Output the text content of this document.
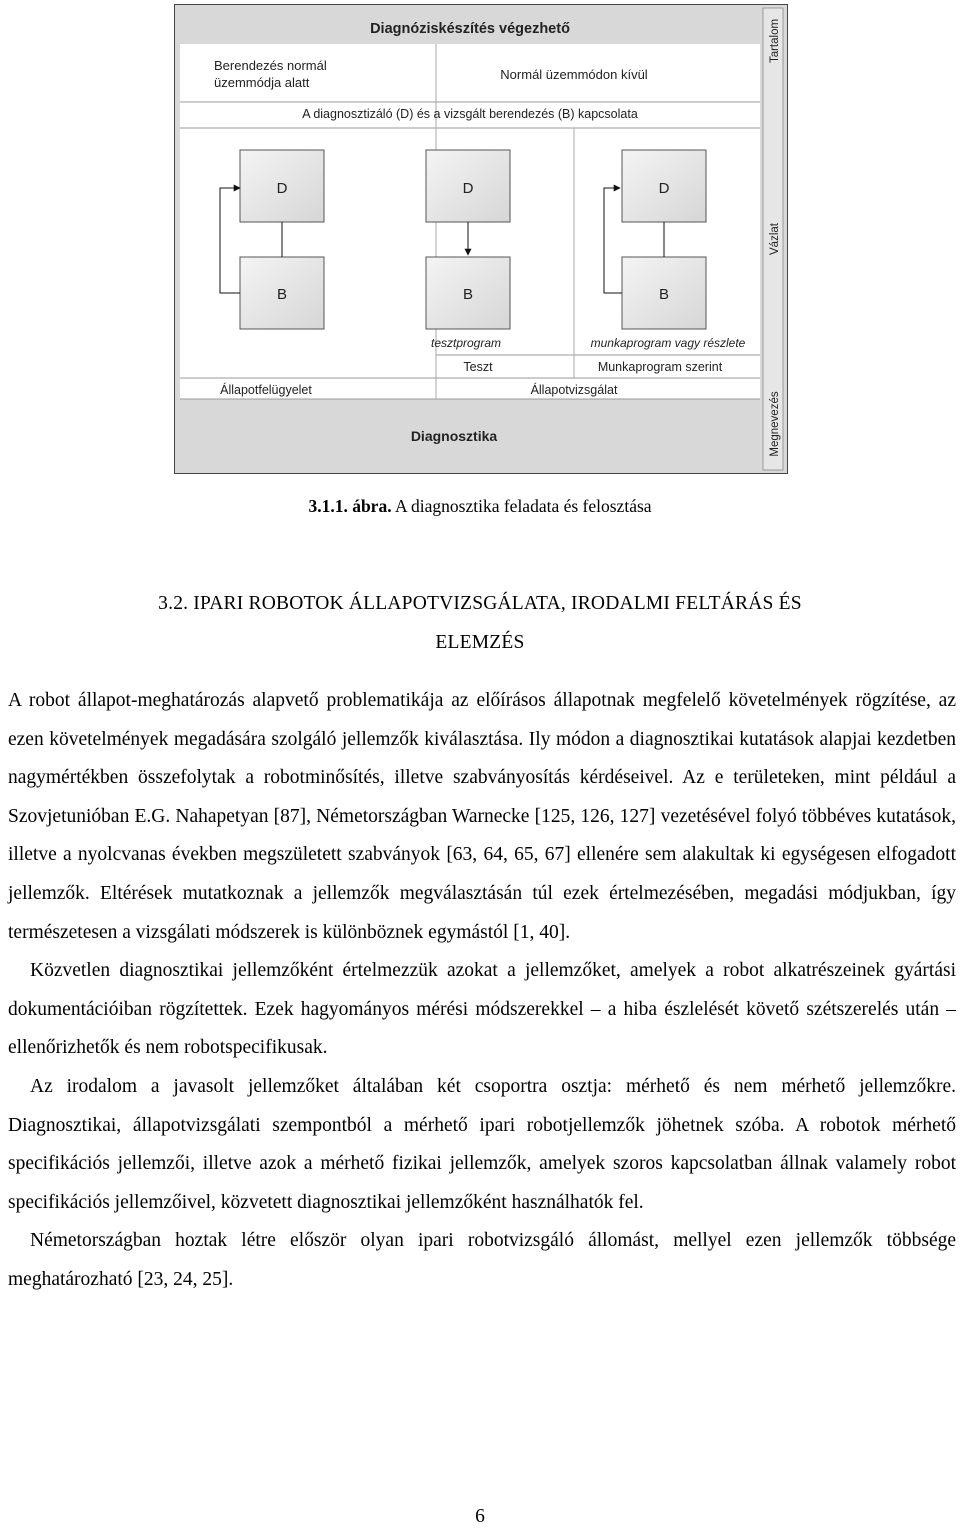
Diagnóziskészítés végezhető
Berendezés normál
üzemmódja alatt
Normál üzemmódon kívül
A diagnosztizáló (D) és a vizsgált berendezés (B) kapcsolata
D
B
D
B
D
B
tesztprogram	munkaprogram vagy részlete
Teszt	Munkaprogram szerint
Állapotfelügyelet	Állapotvizsgálat
Diagnosztika
Tartalom
Vázlat
Megnevezés
3.1.1. ábra. A diagnosztika feladata és felosztása
3.2. IPARI ROBOTOK ÁLLAPOTVIZSGÁLATA, IRODALMI FELTÁRÁS ÉS
ELEMZÉS

A robot állapot-meghatározás alapvető problematikája az előírásos állapotnak megfelelő követelmények rögzítése, az ezen követelmények megadására szolgáló jellemzők kiválasztása. Ily módon a diagnosztikai kutatások alapjai kezdetben nagymértékben összefolytak a robotminősítés, illetve szabványosítás kérdéseivel. Az e területeken, mint például a Szovjetunióban E.G. Nahapetyan [87], Németországban Warnecke [125, 126, 127] vezetésével folyó többéves kutatások, illetve a nyolcvanas években megszületett szabványok [63, 64, 65, 67] ellenére sem alakultak ki egységesen elfogadott jellemzők. Eltérések mutatkoznak a jellemzők megválasztásán túl ezek értelmezésében, megadási módjukban, így természetesen a vizsgálati módszerek is különböznek egymástól [1, 40].

Közvetlen diagnosztikai jellemzőként értelmezzük azokat a jellemzőket, amelyek a robot alkatrészeinek gyártási dokumentációiban rögzítettek. Ezek hagyományos mérési módszerekkel – a hiba észlelését követő szétszerelés után – ellenőrizhetők és nem robotspecifikusak.

Az irodalom a javasolt jellemzőket általában két csoportra osztja: mérhető és nem mérhető jellemzőkre. Diagnosztikai, állapotvizsgálati szempontból a mérhető ipari robotjellemzők jöhetnek szóba. A robotok mérhető specifikációs jellemzői, illetve azok a mérhető fizikai jellemzők, amelyek szoros kapcsolatban állnak valamely robot specifikációs jellemzőivel, közvetett diagnosztikai jellemzőként használhatók fel.

Németországban hoztak létre először olyan ipari robotvizsgáló állomást, mellyel ezen jellemzők többsége meghatározható [23, 24, 25].

6
